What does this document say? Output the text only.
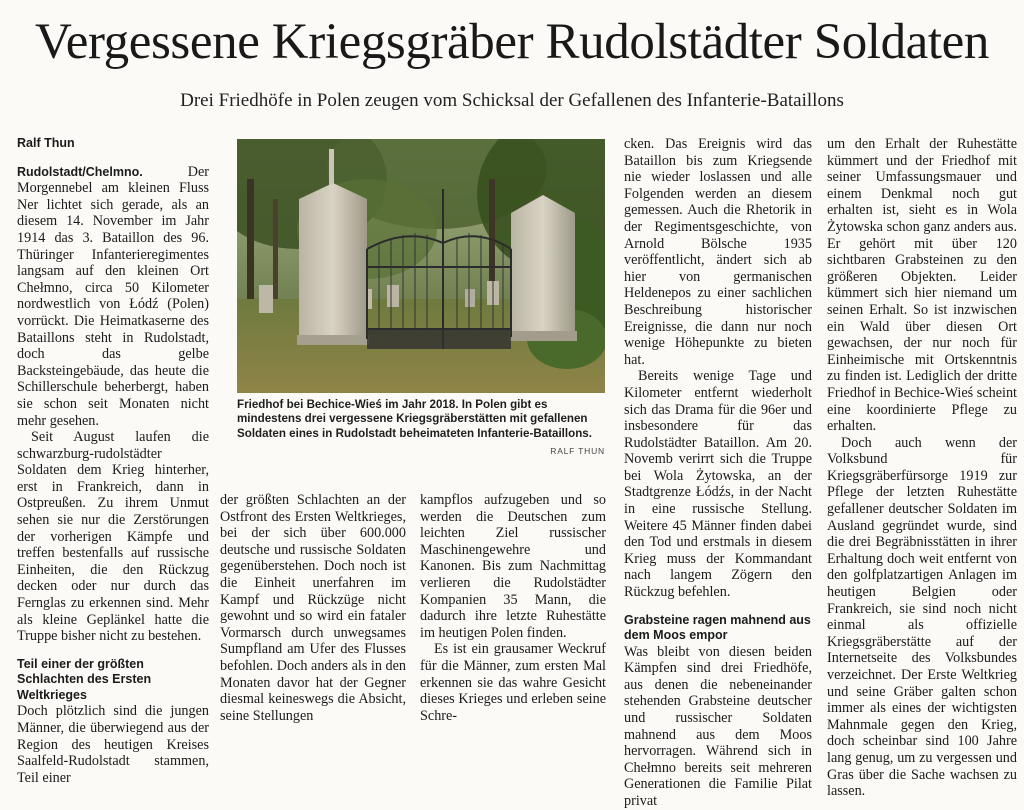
Vergessene Kriegsgräber Rudolstädter Soldaten
Drei Friedhöfe in Polen zeugen vom Schicksal der Gefallenen des Infanterie-Bataillons

Ralf Thun

Rudolstadt/Chelmno.	Der Morgennebel am kleinen Fluss Ner lichtet sich gerade, als an diesem 14. November im Jahr 1914 das 3. Bataillon des 96. Thüringer Infanterieregimentes langsam auf den kleinen Ort Chełmno, circa 50 Kilometer nordwestlich von Łódź (Polen) vorrückt. Die Heimatkaserne des Bataillons steht in Rudolstadt, doch das gelbe Backsteingebäude, das heute die Schillerschule beherbergt, haben sie schon seit Monaten nicht mehr gesehen.

Seit August laufen die schwarzburg-rudolstädter Soldaten dem Krieg hinterher, erst in Frankreich, dann in Ostpreußen. Zu ihrem Unmut sehen sie nur die Zerstörungen der vorherigen Kämpfe und treffen bestenfalls auf russische Einheiten, die den Rückzug decken oder nur durch das Fernglas zu erkennen sind. Mehr als kleine Geplänkel hatte die Truppe bisher nicht zu bestehen.

Teil einer der größten Schlachten des Ersten Weltkrieges

Doch plötzlich sind die jungen Männer, die überwiegend aus der Region des heutigen Kreises Saalfeld-Rudolstadt stammen, Teil einer

Friedhof bei Bechice-Wieś im Jahr 2018. In Polen gibt es mindestens drei vergessene Kriegsgräberstätten mit gefallenen Soldaten eines in Rudolstadt beheimateten Infanterie-Bataillons.
RALF THUN

der größten Schlachten an der Ostfront des Ersten Weltkrieges, bei der sich über 600.000 deutsche und russische Soldaten gegenüberstehen. Doch noch ist die Einheit unerfahren im Kampf und Rückzüge nicht gewohnt und so wird ein fataler Vormarsch durch unwegsames Sumpfland am Ufer des Flusses befohlen. Doch anders als in den Monaten davor hat der Gegner diesmal keineswegs die Absicht, seine Stellungen

kampflos aufzugeben und so werden die Deutschen zum leichten Ziel russischer Maschinengewehre und Kanonen. Bis zum Nachmittag verlieren die Rudolstädter Kompanien 35 Mann, die dadurch ihre letzte Ruhestätte im heutigen Polen finden.

Es ist ein grausamer Weckruf für die Männer, zum ersten Mal erkennen sie das wahre Gesicht dieses Krieges und erleben seine Schre-

cken. Das Ereignis wird das Bataillon bis zum Kriegsende nie wieder loslassen und alle Folgenden werden an diesem gemessen. Auch die Rhetorik in der Regimentsgeschichte, von Arnold Bölsche 1935 veröffentlicht, ändert sich ab hier von germanischen Heldenepos zu einer sachlichen Beschreibung historischer Ereignisse, die dann nur noch wenige Höhepunkte zu bieten hat.

Bereits wenige Tage und Kilometer entfernt wiederholt sich das Drama für die 96er und insbesondere für das Rudolstädter Bataillon. Am 20. Novemb verirrt sich die Truppe bei Wola Żytowska, an der Stadtgrenze Łódźs, in der Nacht in eine russische Stellung. Weitere 45 Männer finden dabei den Tod und erstmals in diesem Krieg muss der Kommandant nach langem Zögern den Rückzug befehlen.

Grabsteine ragen mahnend aus dem Moos empor

Was bleibt von diesen beiden Kämpfen sind drei Friedhöfe, aus denen die nebeneinander stehenden Grabsteine deutscher und russischer Soldaten mahnend aus dem Moos hervorragen. Während sich in Chełmno bereits seit mehreren Generationen die Familie Pilat privat

um den Erhalt der Ruhestätte kümmert und der Friedhof mit seiner Umfassungsmauer und einem Denkmal noch gut erhalten ist, sieht es in Wola Żytowska schon ganz anders aus. Er gehört mit über 120 sichtbaren Grabsteinen zu den größeren Objekten. Leider kümmert sich hier niemand um seinen Erhalt. So ist inzwischen ein Wald über diesen Ort gewachsen, der nur noch für Einheimische mit Ortskenntnis zu finden ist. Lediglich der dritte Friedhof in Bechice-Wieś scheint eine koordinierte Pflege zu erhalten.

Doch auch wenn der Volksbund für Kriegsgräberfürsorge 1919 zur Pflege der letzten Ruhestätte gefallener deutscher Soldaten im Ausland gegründet wurde, sind die drei Begräbnisstätten in ihrer Erhaltung doch weit entfernt von den golfplatzartigen Anlagen im heutigen Belgien oder Frankreich, sie sind noch nicht einmal als offizielle Kriegsgräberstätte auf der Internetseite des Volksbundes verzeichnet. Der Erste Weltkrieg und seine Gräber galten schon immer als eines der wichtigsten Mahnmale gegen den Krieg, doch scheinbar sind 100 Jahre lang genug, um zu vergessen und Gras über die Sache wachsen zu lassen.
